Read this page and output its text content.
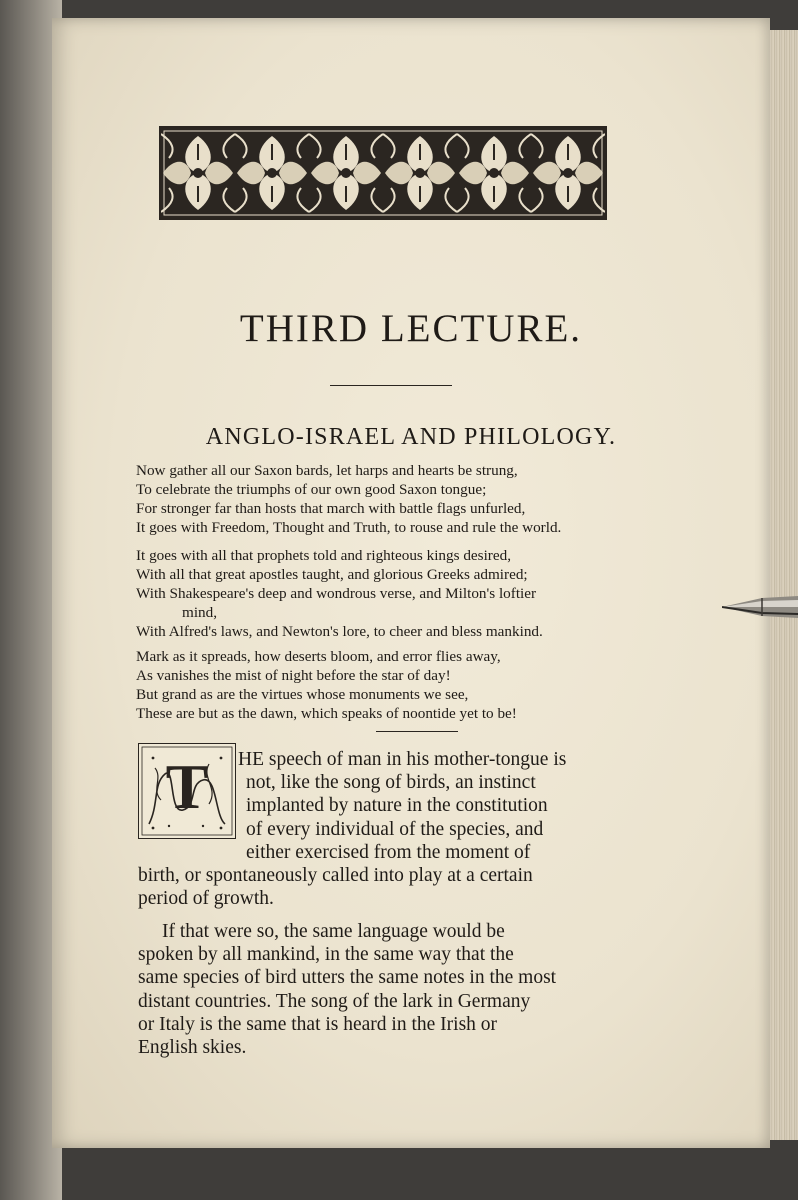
THIRD LECTURE.
ANGLO-ISRAEL AND PHILOLOGY.
Now gather all our Saxon bards, let harps and hearts be strung,
To celebrate the triumphs of our own good Saxon tongue;
For stronger far than hosts that march with battle flags unfurled,
It goes with Freedom, Thought and Truth, to rouse and rule the world.
It goes with all that prophets told and righteous kings desired,
With all that great apostles taught, and glorious Greeks admired;
With Shakespeare's deep and wondrous verse, and Milton's loftier
mind,
With Alfred's laws, and Newton's lore, to cheer and bless mankind.
Mark as it spreads, how deserts bloom, and error flies away,
As vanishes the mist of night before the star of day!
But grand as are the virtues whose monuments we see,
These are but as the dawn, which speaks of noontide yet to be!
T	HE speech of man in his mother-tongue is
not, like the song of birds, an instinct
implanted by nature in the constitution
of every individual of the species, and
either exercised from the moment of
birth, or spontaneously called into play at a certain
period of growth.
If that were so, the same language would be
spoken by all mankind, in the same way that the
same species of bird utters the same notes in the most
distant countries. The song of the lark in Germany
or Italy is the same that is heard in the Irish or
English skies.
